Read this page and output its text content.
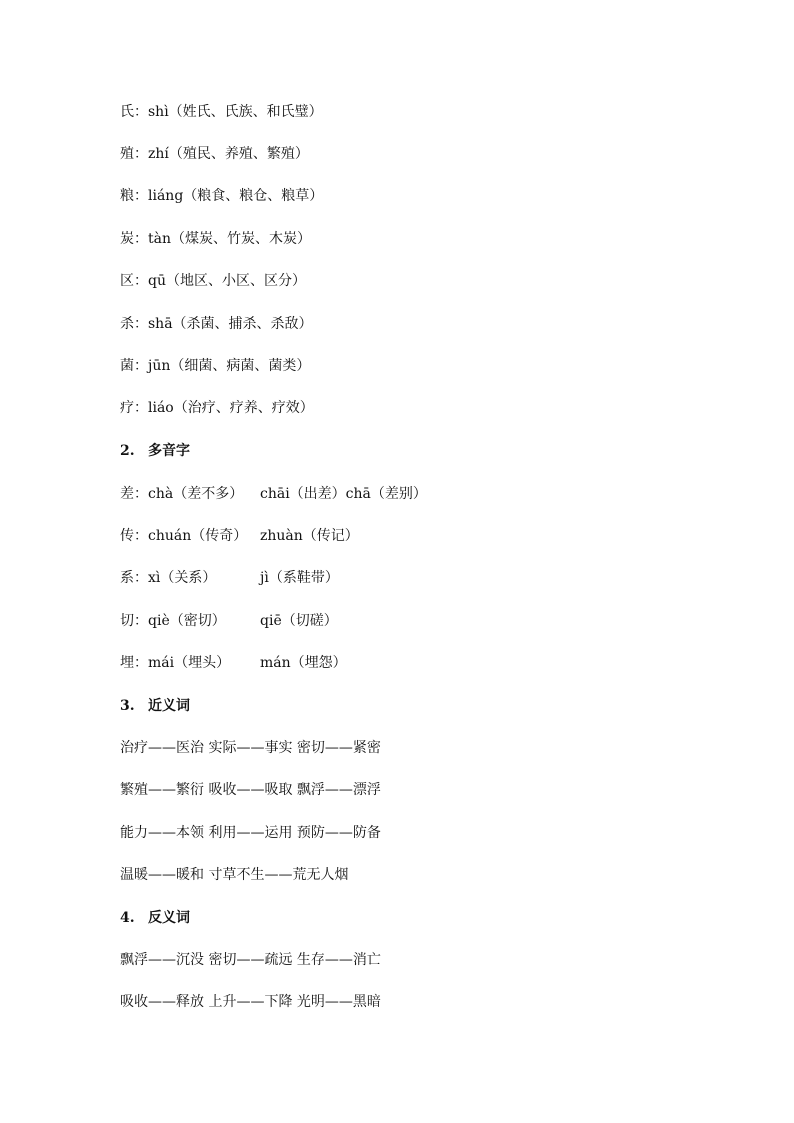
氏：shì（姓氏、氏族、和氏璧）
殖：zhí（殖民、养殖、繁殖）
粮：liáng（粮食、粮仓、粮草）
炭：tàn（煤炭、竹炭、木炭）
区：qū（地区、小区、区分）
杀：shā（杀菌、捕杀、杀敌）
菌：jūn（细菌、病菌、菌类）
疗：liáo（治疗、疗养、疗效）
2. 多音字
差：chà（差不多） chāi（出差）chā（差别）
传：chuán（传奇） zhuàn（传记）
系：xì（关系）	jì（系鞋带）
切：qiè（密切） qiē（切磋）
埋：mái（埋头） mán（埋怨）
3. 近义词
治疗——医治 实际——事实 密切——紧密
繁殖——繁衍 吸收——吸取 飘浮——漂浮
能力——本领 利用——运用 预防——防备
温暖——暖和 寸草不生——荒无人烟
4. 反义词
飘浮——沉没 密切——疏远 生存——消亡
吸收——释放 上升——下降 光明——黑暗
